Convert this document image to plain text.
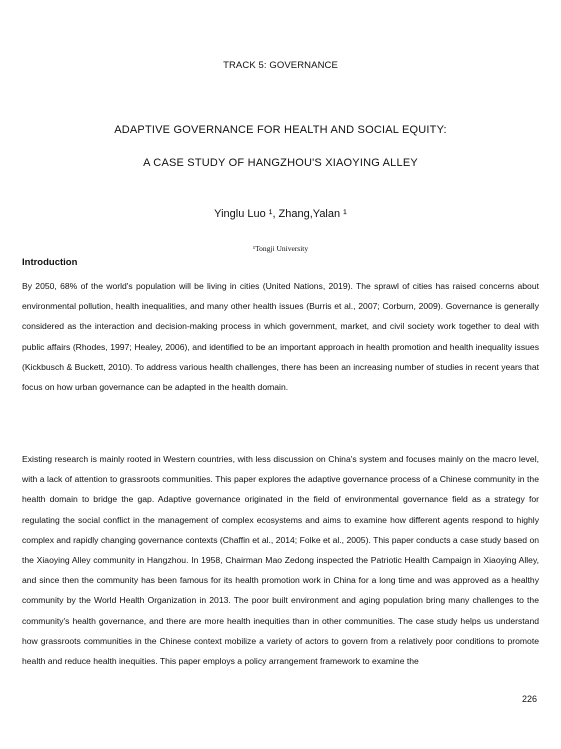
TRACK 5: GOVERNANCE
ADAPTIVE GOVERNANCE FOR HEALTH AND SOCIAL EQUITY:
A CASE STUDY OF HANGZHOU'S XIAOYING ALLEY
Yinglu Luo ¹, Zhang,Yalan ¹
¹Tongji University
Introduction

By 2050, 68% of the world's population will be living in cities (United Nations, 2019). The sprawl of cities has raised concerns about environmental pollution, health inequalities, and many other health issues (Burris et al., 2007; Corburn, 2009). Governance is generally considered as the interaction and decision-making process in which government, market, and civil society work together to deal with public affairs (Rhodes, 1997; Healey, 2006), and identified to be an important approach in health promotion and health inequality issues (Kickbusch & Buckett, 2010). To address various health challenges, there has been an increasing number of studies in recent years that focus on how urban governance can be adapted in the health domain.

Existing research is mainly rooted in Western countries, with less discussion on China's system and focuses mainly on the macro level, with a lack of attention to grassroots communities. This paper explores the adaptive governance process of a Chinese community in the health domain to bridge the gap. Adaptive governance originated in the field of environmental governance field as a strategy for regulating the social conflict in the management of complex ecosystems and aims to examine how different agents respond to highly complex and rapidly changing governance contexts (Chaffin et al., 2014; Folke et al., 2005). This paper conducts a case study based on the Xiaoying Alley community in Hangzhou. In 1958, Chairman Mao Zedong inspected the Patriotic Health Campaign in Xiaoying Alley, and since then the community has been famous for its health promotion work in China for a long time and was approved as a healthy community by the World Health Organization in 2013. The poor built environment and aging population bring many challenges to the community's health governance, and there are more health inequities than in other communities. The case study helps us understand how grassroots communities in the Chinese context mobilize a variety of actors to govern from a relatively poor conditions to promote health and reduce health inequities. This paper employs a policy arrangement framework to examine the

226
